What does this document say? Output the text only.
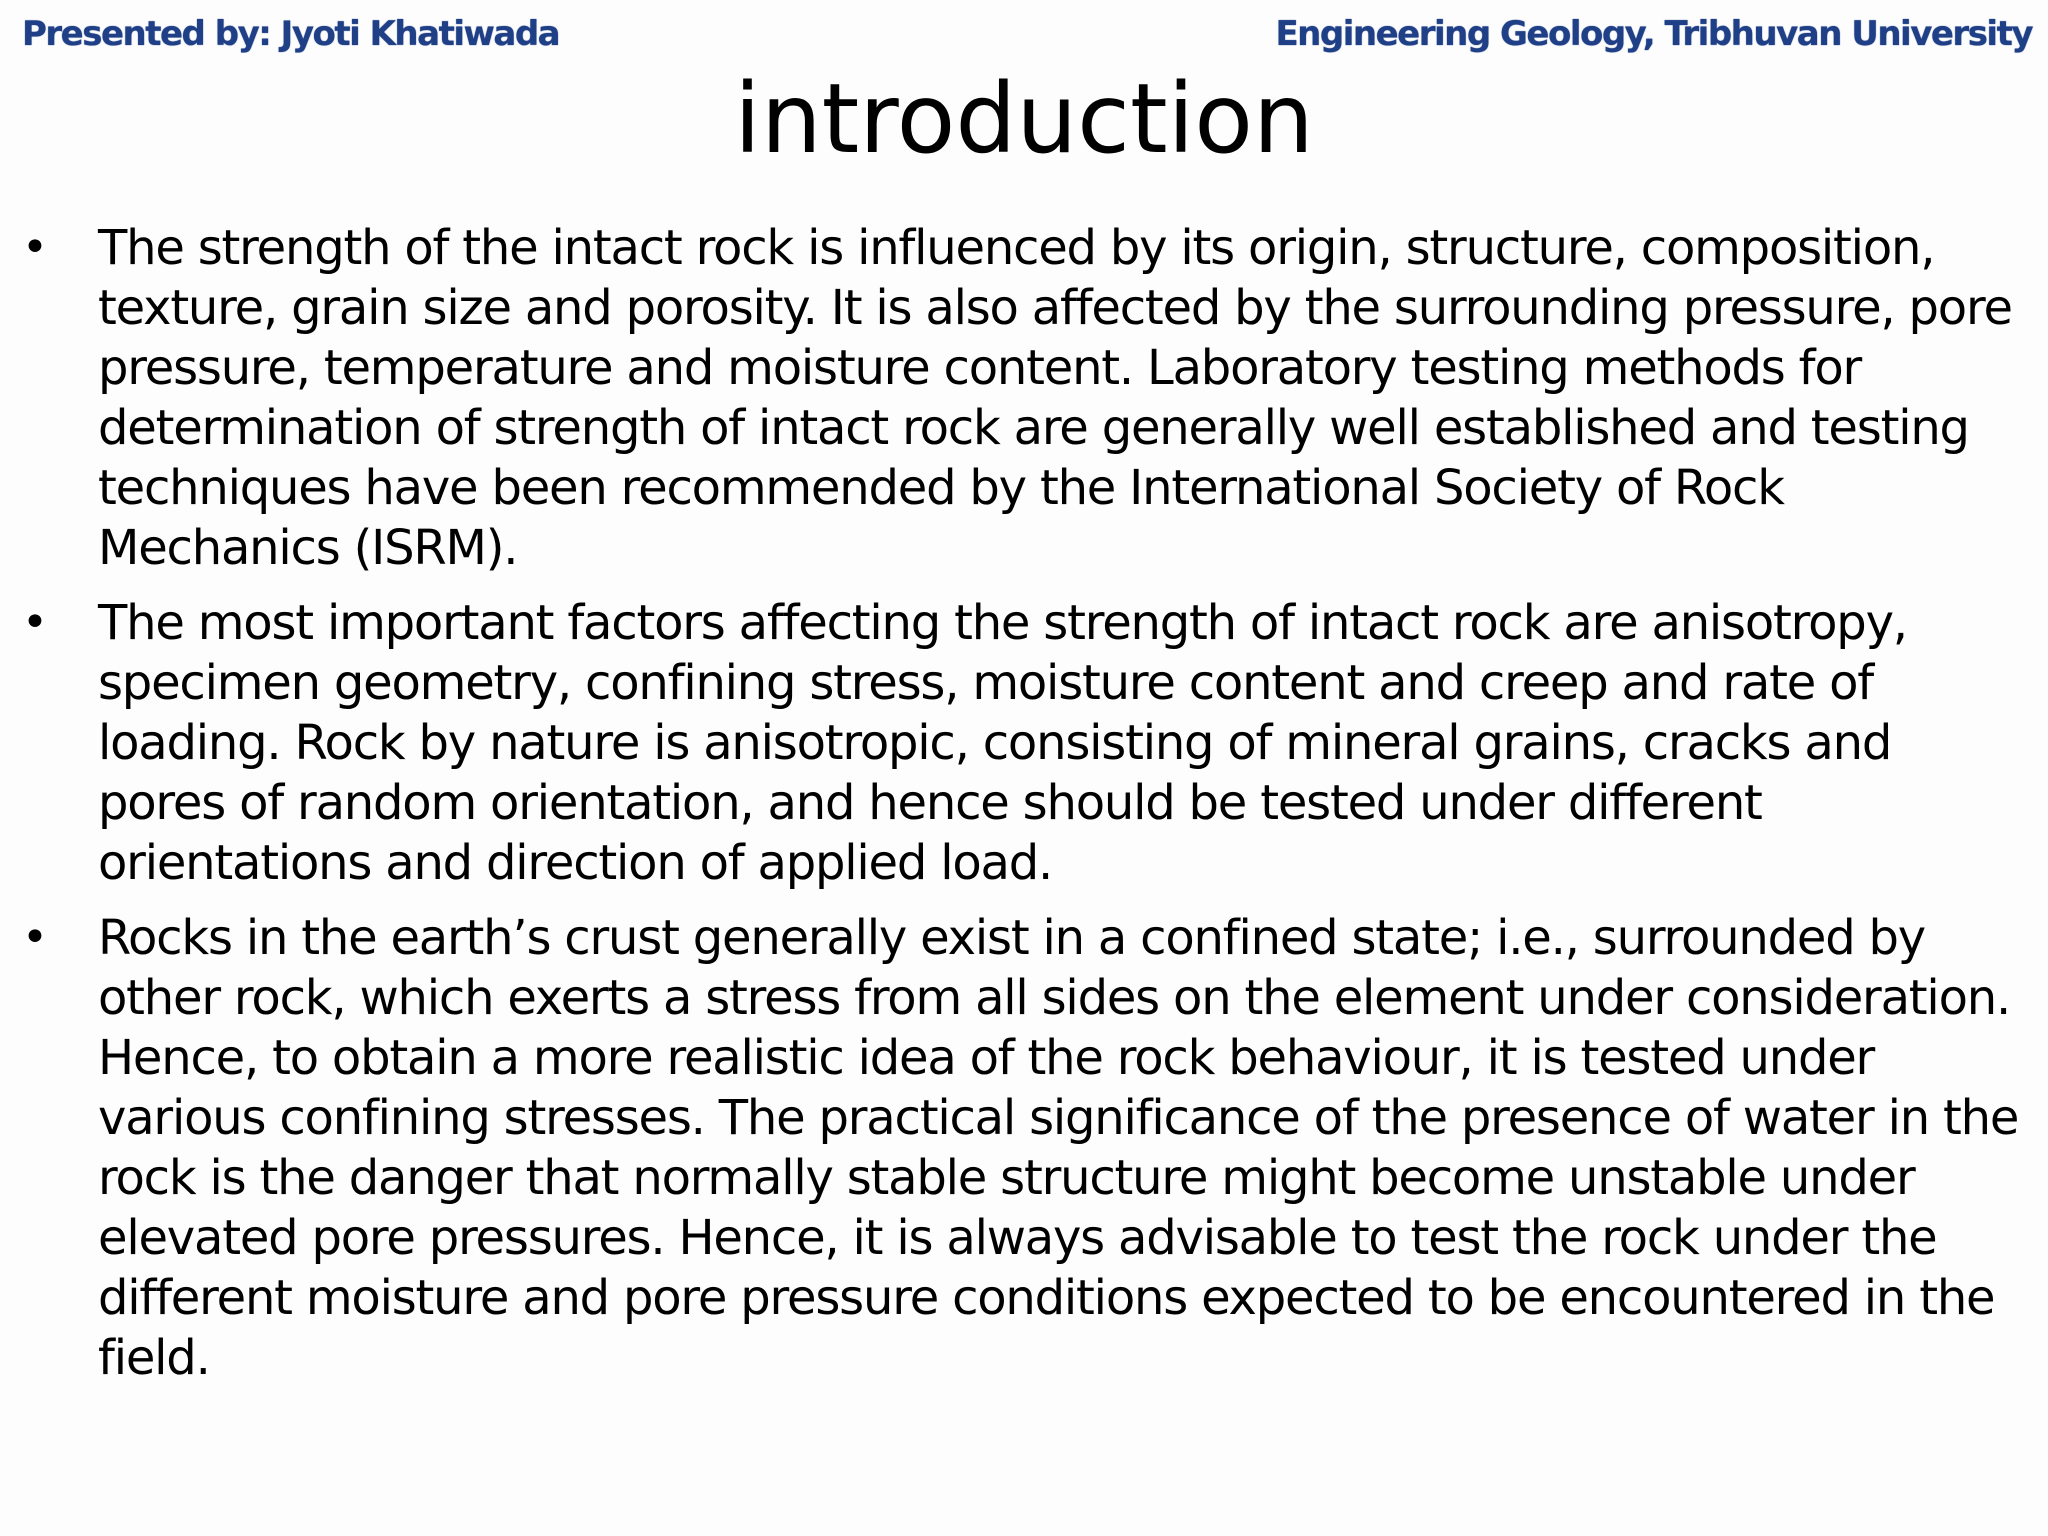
Presented by: Jyoti Khatiwada	Engineering Geology, Tribhuvan University
introduction
• The strength of the intact rock is influenced by its origin, structure, composition, texture, grain size and porosity. It is also affected by the surrounding pressure, pore pressure, temperature and moisture content. Laboratory testing methods for determination of strength of intact rock are generally well established and testing techniques have been recommended by the International Society of Rock Mechanics (ISRM).
• The most important factors affecting the strength of intact rock are anisotropy, specimen geometry, confining stress, moisture content and creep and rate of loading. Rock by nature is anisotropic, consisting of mineral grains, cracks and pores of random orientation, and hence should be tested under different orientations and direction of applied load.
• Rocks in the earth’s crust generally exist in a confined state; i.e., surrounded by other rock, which exerts a stress from all sides on the element under consideration. Hence, to obtain a more realistic idea of the rock behaviour, it is tested under various confining stresses. The practical significance of the presence of water in the rock is the danger that normally stable structure might become unstable under elevated pore pressures. Hence, it is always advisable to test the rock under the different moisture and pore pressure conditions expected to be encountered in the field.
